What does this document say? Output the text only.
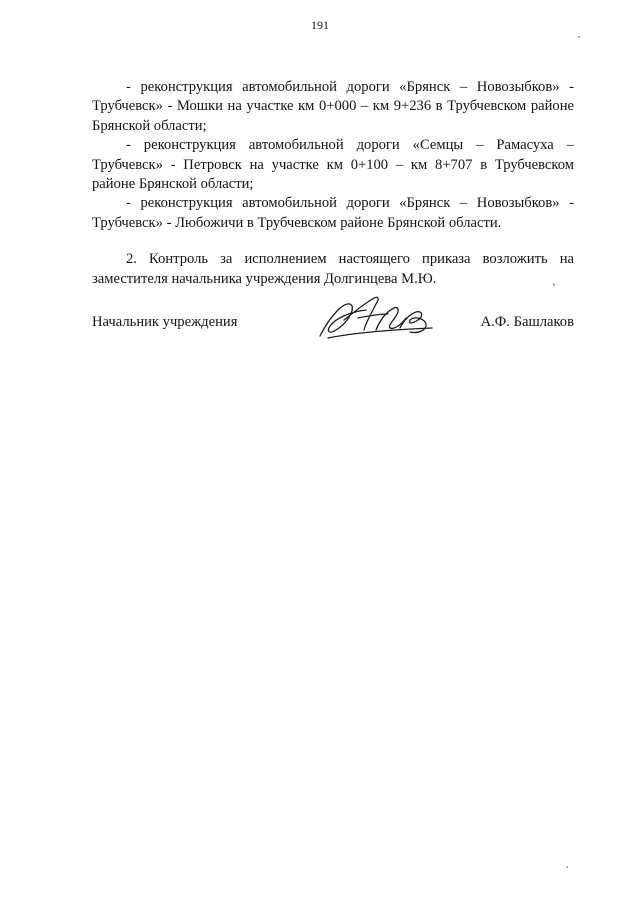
191

- реконструкция автомобильной дороги «Брянск – Новозыбков» - Трубчевск» - Мошки на участке км 0+000 – км 9+236 в Трубчевском районе Брянской области;

- реконструкция автомобильной дороги «Семцы – Рамасуха – Трубчевск» - Петровск на участке км 0+100 – км 8+707 в Трубчевском районе Брянской области;

- реконструкция автомобильной дороги «Брянск – Новозыбков» - Трубчевск» - Любожичи в Трубчевском районе Брянской области.

2. Контроль за исполнением настоящего приказа возложить на заместителя начальника учреждения Долгинцева М.Ю.

Начальник учреждения	А.Ф. Башлаков
